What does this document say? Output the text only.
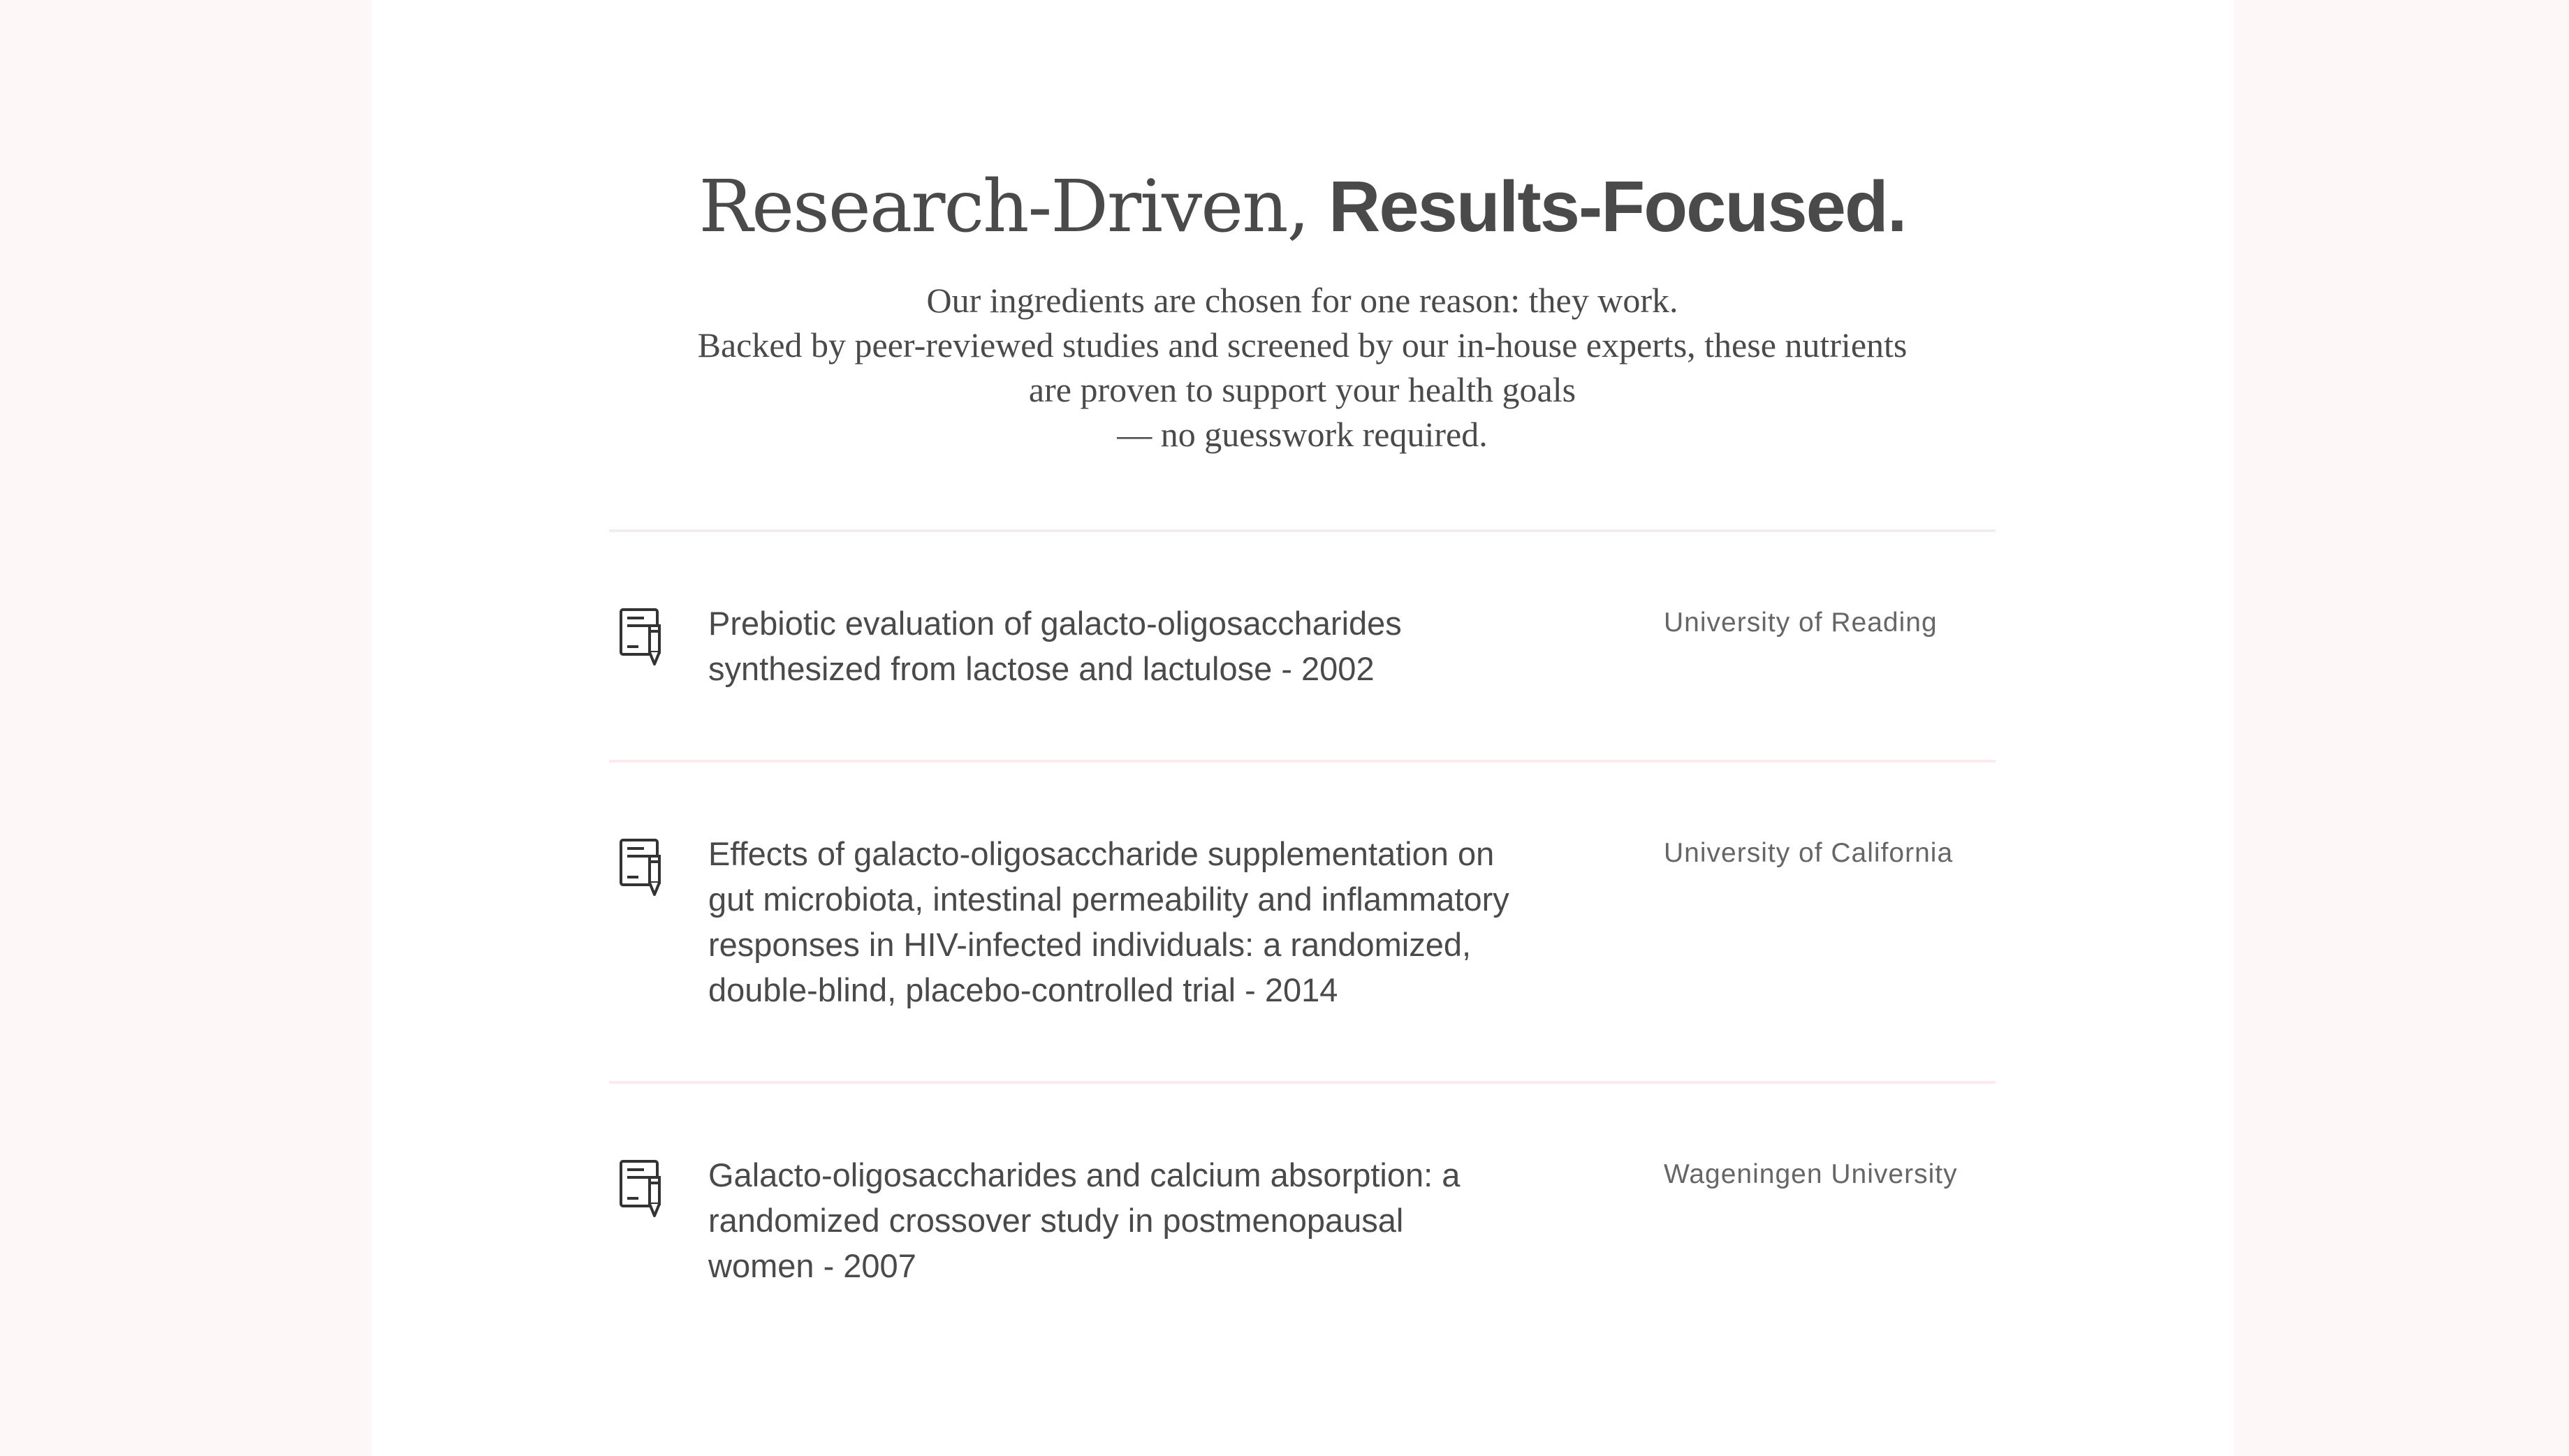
Research-Driven, Results-Focused.

Our ingredients are chosen for one reason: they work.

Backed by peer-reviewed studies and screened by our in-house experts, these nutrients

are proven to support your health goals

— no guesswork required.

Prebiotic evaluation of galacto-oligosaccharides
synthesized from lactose and lactulose - 2002

University of Reading

Effects of galacto-oligosaccharide supplementation on
gut microbiota, intestinal permeability and inflammatory
responses in HIV-infected individuals: a randomized,
double-blind, placebo-controlled trial - 2014

University of California

Galacto-oligosaccharides and calcium absorption: a
randomized crossover study in postmenopausal
women - 2007

Wageningen University
